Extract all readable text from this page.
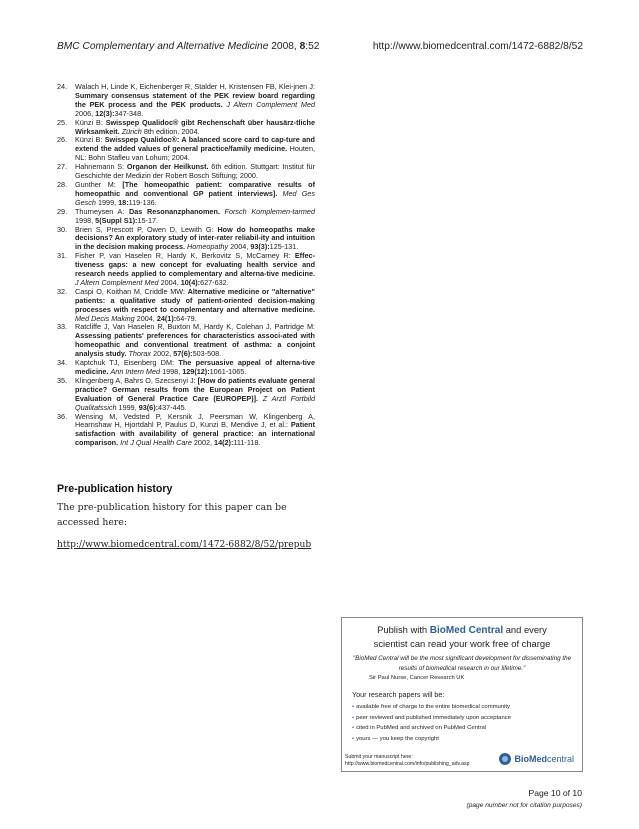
BMC Complementary and Alternative Medicine 2008, 8:52	http://www.biomedcentral.com/1472-6882/8/52
24.	Walach H, Linde K, Eichenberger R, Stalder H, Kristensen FB, Klei-jnen J: Summary consensus statement of the PEK review board regarding the PEK process and the PEK products. J Altern Complement Med 2006, 12(3):347-348.
25.	Künzi B: Swisspep Qualidoc® gibt Rechenschaft über hausärz-tliche Wirksamkeit. Zürich 8th edition. 2004.
26.	Künzi B: Swisspep Qualidoc®: A balanced score card to cap-ture and extend the added values of general practice/family medicine. Houten, NL: Bohn Stafleu van Lohum; 2004.
27.	Hahnemann S: Organon der Heilkunst. 6th edition. Stuttgart: Institut für Geschichte der Medizin der Robert Bosch Stiftung; 2000.
28.	Gunther M: [The homeopathic patient: comparative results of homeopathic and conventional GP patient interviews]. Med Ges Gesch 1999, 18:119-136.
29.	Thurneysen A: Das Resonanzphanomen. Forsch Komplemen-tarmed 1998, 5(Suppl S1):15-17.
30.	Brien S, Prescott P, Owen D, Lewith G: How do homeopaths make decisions? An exploratory study of inter-rater reliabil-ity and intuition in the decision making process. Homeopathy 2004, 93(3):125-131.
31.	Fisher P, van Haselen R, Hardy K, Berkovitz S, McCarney R: Effec-tiveness gaps: a new concept for evaluating health service and research needs applied to complementary and alterna-tive medicine. J Altern Complement Med 2004, 10(4):627-632.
32.	Caspi O, Koithan M, Criddle MW: Alternative medicine or "alternative" patients: a qualitative study of patient-oriented decision-making processes with respect to complementary and alternative medicine. Med Decis Making 2004, 24(1):64-79.
33.	Ratcliffe J, Van Haselen R, Buxton M, Hardy K, Colehan J, Partridge M: Assessing patients' preferences for characteristics associ-ated with homeopathic and conventional treatment of asthma: a conjoint analysis study. Thorax 2002, 57(6):503-508.
34.	Kaptchuk TJ, Eisenberg DM: The persuasive appeal of alterna-tive medicine. Ann Intern Med 1998, 129(12):1061-1065.
35.	Klingenberg A, Bahrs O, Szecsenyi J: [How do patients evaluate general practice? German results from the European Project on Patient Evaluation of General Practice Care (EUROPEP)]. Z Arztl Fortbild Qualitatssich 1999, 93(6):437-445.
36.	Wensing M, Vedsted P, Kersnik J, Peersman W, Klingenberg A, Hearnshaw H, Hjortdahl P, Paulus D, Kunzi B, Mendive J, et al.: Patient satisfaction with availability of general practice: an international comparison. Int J Qual Health Care 2002, 14(2):111-118.
Pre-publication history

The pre-publication history for this paper can be accessed here:

http://www.biomedcentral.com/1472-6882/8/52/prepub
Publish with BioMed Central and every
scientist can read your work free of charge
"BioMed Central will be the most significant development for disseminating the results of biomedical research in our lifetime."
Sir Paul Nurse, Cancer Research UK
Your research papers will be:
• available free of charge to the entire biomedical community
• peer reviewed and published immediately upon acceptance
• cited in PubMed and archived on PubMed Central
• yours — you keep the copyright
Submit your manuscript here:
http://www.biomedcentral.com/info/publishing_adv.asp	BioMed central
Page 10 of 10
(page number not for citation purposes)
